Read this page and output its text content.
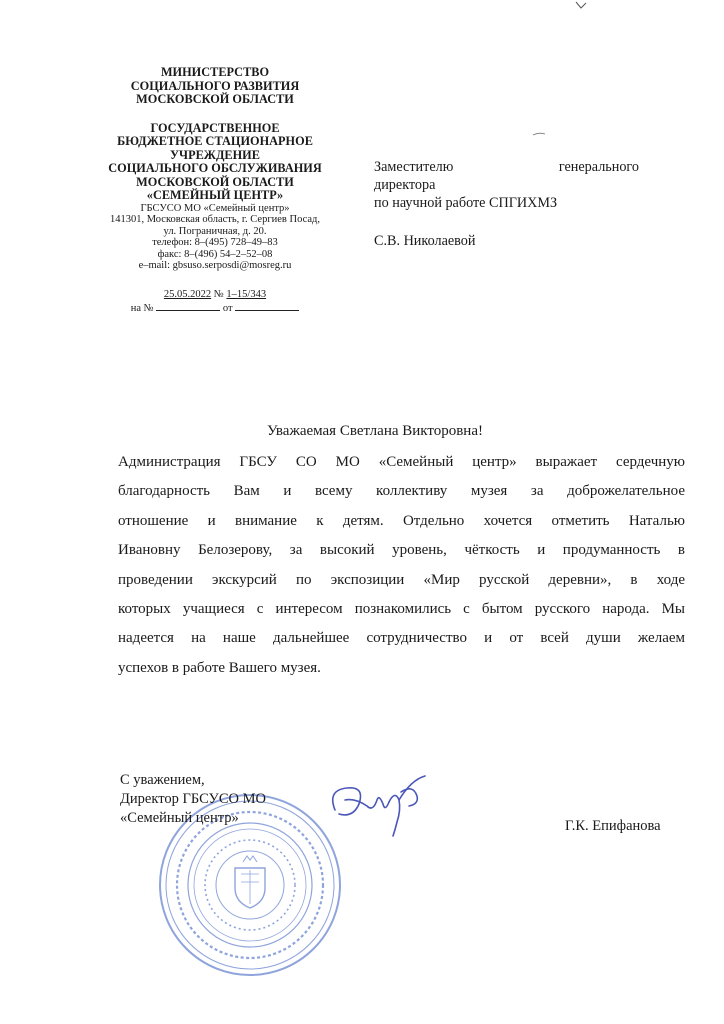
МИНИСТЕРСТВО
СОЦИАЛЬНОГО РАЗВИТИЯ
МОСКОВСКОЙ ОБЛАСТИ
ГОСУДАРСТВЕННОЕ
БЮДЖЕТНОЕ СТАЦИОНАРНОЕ
УЧРЕЖДЕНИЕ
СОЦИАЛЬНОГО ОБСЛУЖИВАНИЯ
МОСКОВСКОЙ ОБЛАСТИ
«СЕМЕЙНЫЙ ЦЕНТР»
ГБСУСО МО «Семейный центр»
141301, Московская область, г. Сергиев Посад,
ул. Пограничная, д. 20.
телефон: 8–(495) 728–49–83
факс: 8–(496) 54–2–52–08
e–mail: gbsuso.serposdi@mosreg.ru
25.05.2022 № 1–15/343
на №	от
Заместителю	генерального
директора
по научной работе СПГИХМЗ
С.В. Николаевой
Уважаемая Светлана Викторовна!
Администрация ГБСУ СО МО «Семейный центр» выражает сердечную
благодарность Вам и всему коллективу музея за доброжелательное
отношение и внимание к детям. Отдельно хочется отметить Наталью
Ивановну Белозерову, за высокий уровень, чёткость и продуманность в
проведении экскурсий по экспозиции «Мир русской деревни», в ходе
которых учащиеся с интересом познакомились с бытом русского народа. Мы
надеется на наше дальнейшее сотрудничество и от всей души желаем
успехов в работе Вашего музея.
С уважением,
Директор ГБСУСО МО
«Семейный центр»	Г.К. Епифанова
